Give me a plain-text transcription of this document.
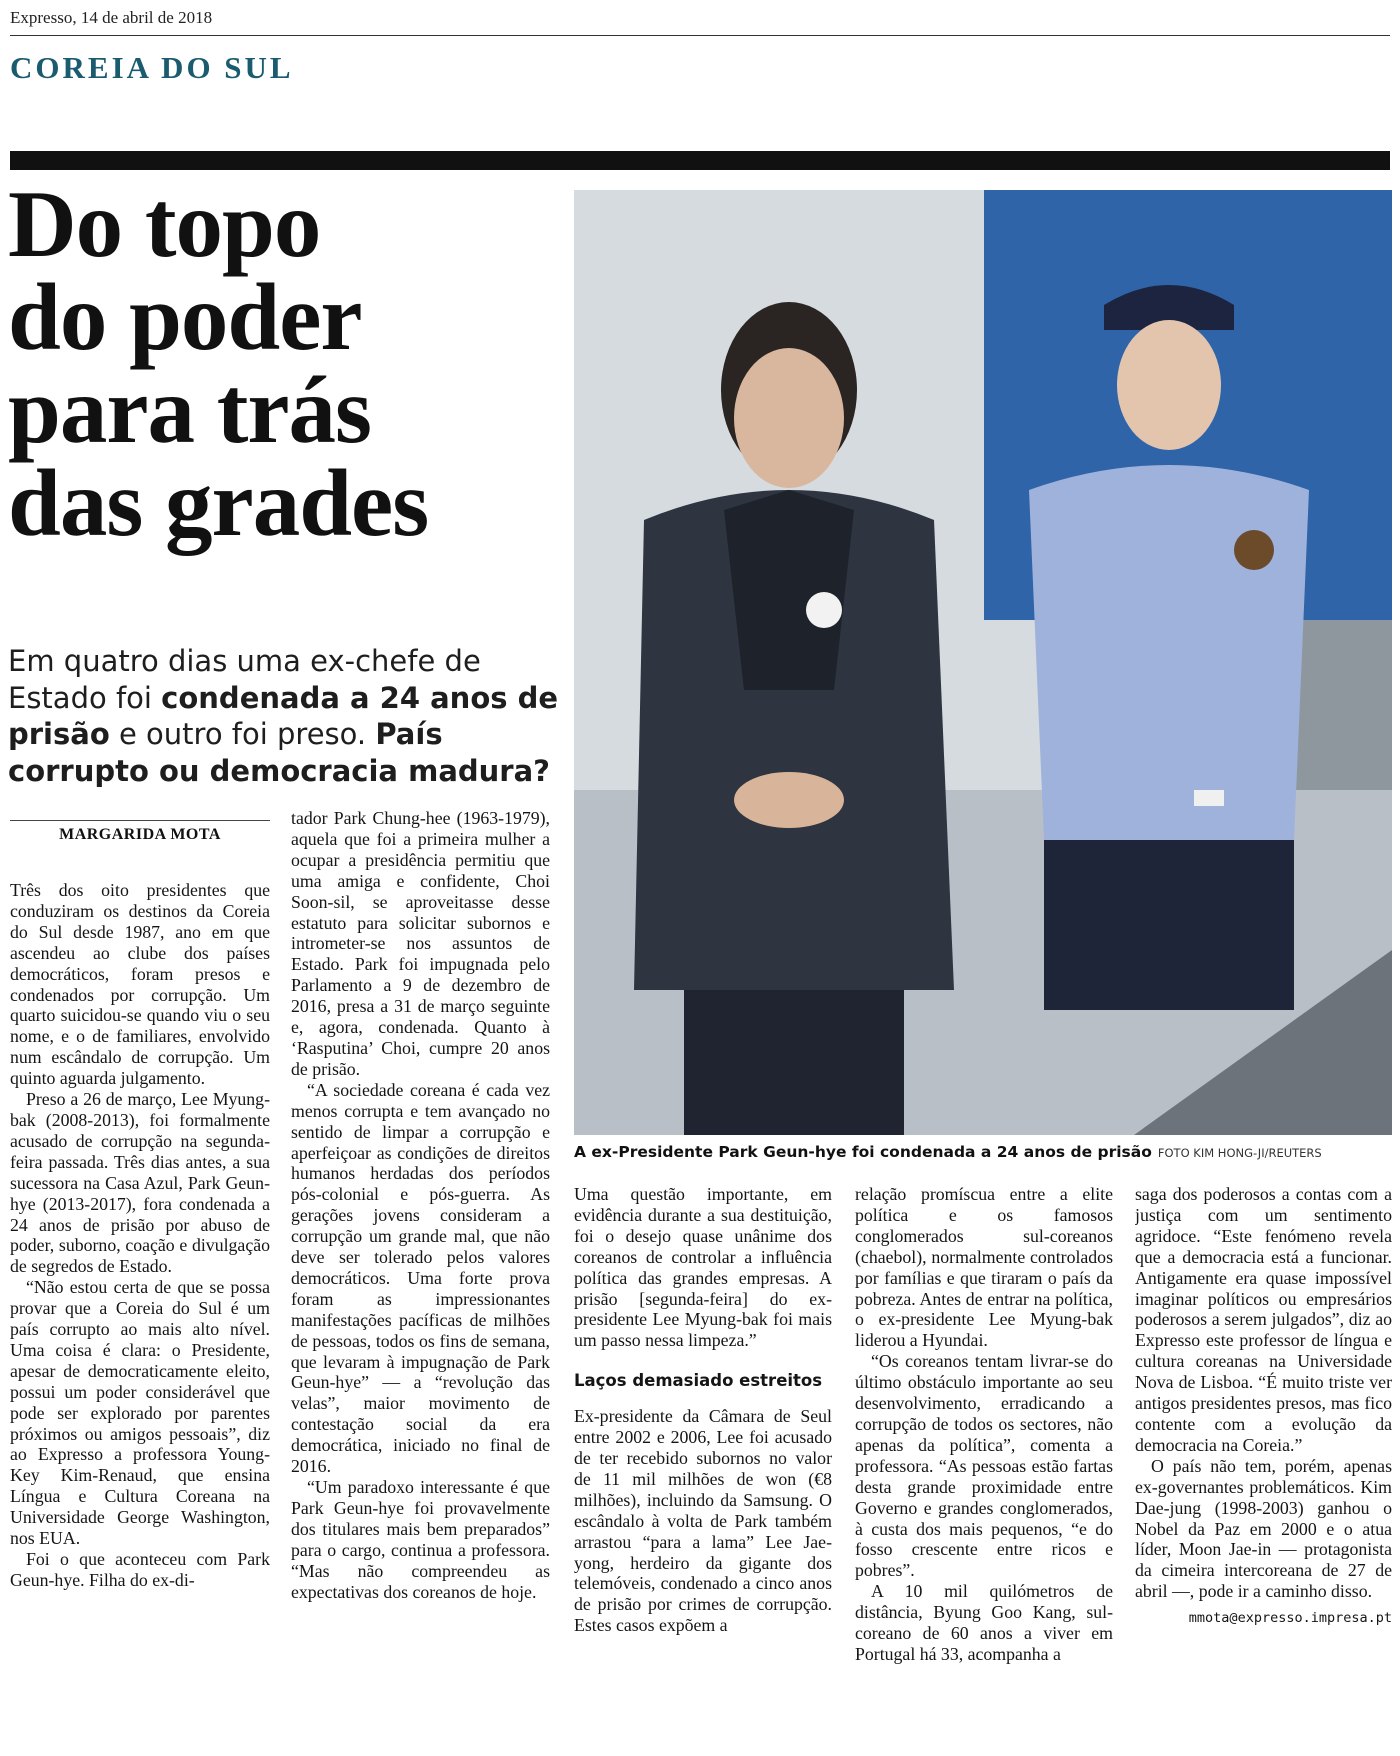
Expresso, 14 de abril de 2018
COREIA DO SUL
Do topo
do poder
para trás
das grades
A ex-Presidente Park Geun-hye foi condenada a 24 anos de prisão FOTO KIM HONG-JI/REUTERS
Em quatro dias uma ex-chefe de Estado foi condenada a 24 anos de prisão e outro foi preso. País corrupto ou democracia madura?
MARGARIDA MOTA

Três dos oito presidentes que conduziram os destinos da Coreia do Sul desde 1987, ano em que ascendeu ao clube dos países democráticos, foram presos e condenados por corrupção. Um quarto suicidou-se quando viu o seu nome, e o de familiares, envolvido num escândalo de corrupção. Um quinto aguarda julgamento.

Preso a 26 de março, Lee Myung-bak (2008-2013), foi formalmente acusado de corrupção na segunda-feira passada. Três dias antes, a sua sucessora na Casa Azul, Park Geun-hye (2013-2017), fora condenada a 24 anos de prisão por abuso de poder, suborno, coação e divulgação de segredos de Estado.

“Não estou certa de que se possa provar que a Coreia do Sul é um país corrupto ao mais alto nível. Uma coisa é clara: o Presidente, apesar de democraticamente eleito, possui um poder considerável que pode ser explorado por parentes próximos ou amigos pessoais”, diz ao Expresso a professora Young-Key Kim-Renaud, que ensina Língua e Cultura Coreana na Universidade George Washington, nos EUA.

Foi o que aconteceu com Park Geun-hye. Filha do ex-di-

tador Park Chung-hee (1963-1979), aquela que foi a primeira mulher a ocupar a presidência permitiu que uma amiga e confidente, Choi Soon-sil, se aproveitasse desse estatuto para solicitar subornos e intrometer-se nos assuntos de Estado. Park foi impugnada pelo Parlamento a 9 de dezembro de 2016, presa a 31 de março seguinte e, agora, condenada. Quanto à ‘Rasputina’ Choi, cumpre 20 anos de prisão.

“A sociedade coreana é cada vez menos corrupta e tem avançado no sentido de limpar a corrupção e aperfeiçoar as condições de direitos humanos herdadas dos períodos pós-colonial e pós-guerra. As gerações jovens consideram a corrupção um grande mal, que não deve ser tolerado pelos valores democráticos. Uma forte prova foram as impressionantes manifestações pacíficas de milhões de pessoas, todos os fins de semana, que levaram à impugnação de Park Geun-hye” — a “revolução das velas”, maior movimento de contestação social da era democrática, iniciado no final de 2016.

“Um paradoxo interessante é que Park Geun-hye foi provavelmente dos titulares mais bem preparados” para o cargo, continua a professora. “Mas não compreendeu as expectativas dos coreanos de hoje.

Uma questão importante, em evidência durante a sua destituição, foi o desejo quase unânime dos coreanos de controlar a influência política das grandes empresas. A prisão [segunda-feira] do ex-presidente Lee Myung-bak foi mais um passo nessa limpeza.”

Laços demasiado estreitos

Ex-presidente da Câmara de Seul entre 2002 e 2006, Lee foi acusado de ter recebido subornos no valor de 11 mil milhões de won (€8 milhões), incluindo da Samsung. O escândalo à volta de Park também arrastou “para a lama” Lee Jae-yong, herdeiro da gigante dos telemóveis, condenado a cinco anos de prisão por crimes de corrupção. Estes casos expõem a

relação promíscua entre a elite política e os famosos conglomerados sul-coreanos (chaebol), normalmente controlados por famílias e que tiraram o país da pobreza. Antes de entrar na política, o ex-presidente Lee Myung-bak liderou a Hyundai.

“Os coreanos tentam livrar-se do último obstáculo importante ao seu desenvolvimento, erradicando a corrupção de todos os sectores, não apenas da política”, comenta a professora. “As pessoas estão fartas desta grande proximidade entre Governo e grandes conglomerados, à custa dos mais pequenos, “e do fosso crescente entre ricos e pobres”.

A 10 mil quilómetros de distância, Byung Goo Kang, sul-coreano de 60 anos a viver em Portugal há 33, acompanha a

saga dos poderosos a contas com a justiça com um sentimento agridoce. “Este fenómeno revela que a democracia está a funcionar. Antigamente era quase impossível imaginar políticos ou empresários poderosos a serem julgados”, diz ao Expresso este professor de língua e cultura coreanas na Universidade Nova de Lisboa. “É muito triste ver antigos presidentes presos, mas fico contente com a evolução da democracia na Coreia.”

O país não tem, porém, apenas ex-governantes problemáticos. Kim Dae-jung (1998-2003) ganhou o Nobel da Paz em 2000 e o atua líder, Moon Jae-in — protagonista da cimeira intercoreana de 27 de abril —, pode ir a caminho disso.

mmota@expresso.impresa.pt
